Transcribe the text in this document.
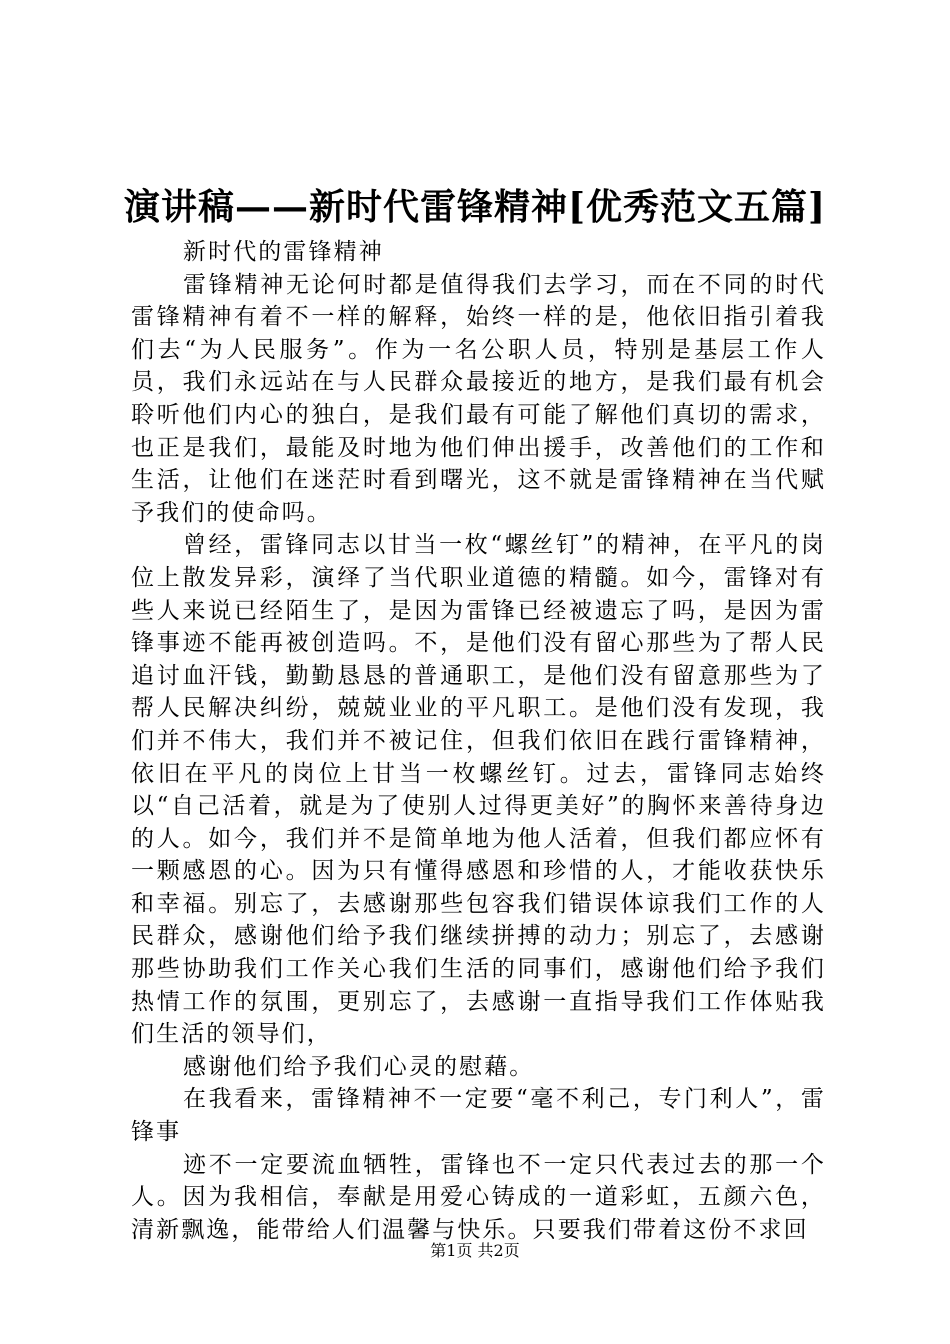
演讲稿——新时代雷锋精神[优秀范文五篇]

新时代的雷锋精神

雷锋精神无论何时都是值得我们去学习，而在不同的时代雷锋精神有着不一样的解释，始终一样的是，他依旧指引着我们去“为人民服务”。作为一名公职人员，特别是基层工作人员，我们永远站在与人民群众最接近的地方，是我们最有机会聆听他们内心的独白，是我们最有可能了解他们真切的需求，也正是我们，最能及时地为他们伸出援手，改善他们的工作和生活，让他们在迷茫时看到曙光，这不就是雷锋精神在当代赋予我们的使命吗。

曾经，雷锋同志以甘当一枚“螺丝钉”的精神，在平凡的岗位上散发异彩，演绎了当代职业道德的精髓。如今，雷锋对有些人来说已经陌生了，是因为雷锋已经被遗忘了吗，是因为雷锋事迹不能再被创造吗。不，是他们没有留心那些为了帮人民追讨血汗钱，勤勤恳恳的普通职工，是他们没有留意那些为了帮人民解决纠纷，兢兢业业的平凡职工。是他们没有发现，我们并不伟大，我们并不被记住，但我们依旧在践行雷锋精神，依旧在平凡的岗位上甘当一枚螺丝钉。过去，雷锋同志始终以“自己活着，就是为了使别人过得更美好”的胸怀来善待身边的人。如今，我们并不是简单地为他人活着，但我们都应怀有一颗感恩的心。因为只有懂得感恩和珍惜的人，才能收获快乐和幸福。别忘了，去感谢那些包容我们错误体谅我们工作的人民群众，感谢他们给予我们继续拼搏的动力；别忘了，去感谢那些协助我们工作关心我们生活的同事们，感谢他们给予我们热情工作的氛围，更别忘了，去感谢一直指导我们工作体贴我们生活的领导们，

感谢他们给予我们心灵的慰藉。

在我看来，雷锋精神不一定要“毫不利己，专门利人”，雷锋事

迹不一定要流血牺牲，雷锋也不一定只代表过去的那一个人。因为我相信，奉献是用爱心铸成的一道彩虹，五颜六色，清新飘逸，能带给人们温馨与快乐。只要我们带着这份不求回

第1页 共2页
